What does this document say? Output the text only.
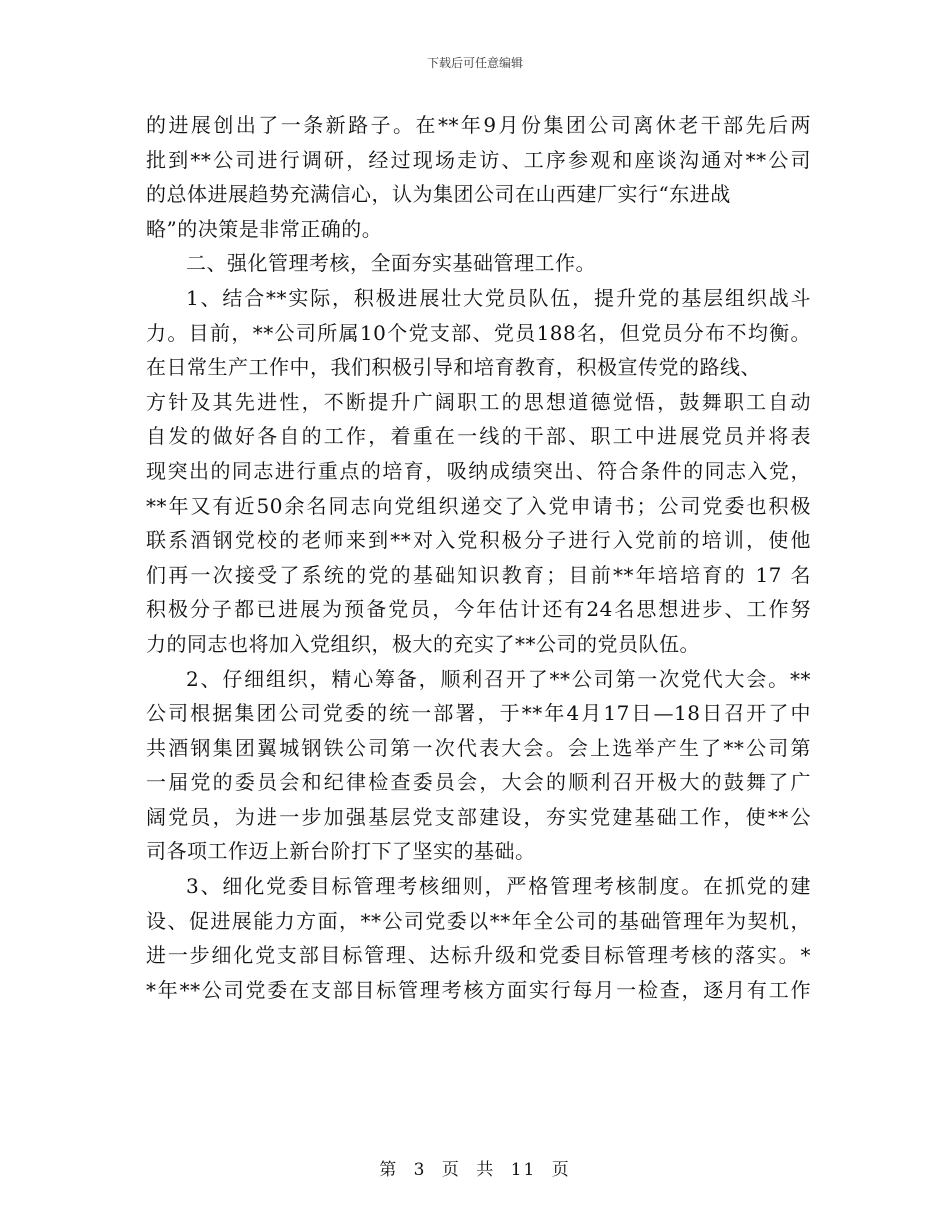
下载后可任意编辑
的进展创出了一条新路子。在**年9月份集团公司离休老干部先后两
批到**公司进行调研，经过现场走访、工序参观和座谈沟通对**公司
的总体进展趋势充满信心，认为集团公司在山西建厂实行“东进战
略”的决策是非常正确的。
二、强化管理考核，全面夯实基础管理工作。
1、结合**实际，积极进展壮大党员队伍，提升党的基层组织战斗
力。目前，**公司所属10个党支部、党员188名，但党员分布不均衡。
在日常生产工作中，我们积极引导和培育教育，积极宣传党的路线、
方针及其先进性，不断提升广阔职工的思想道德觉悟，鼓舞职工自动
自发的做好各自的工作，着重在一线的干部、职工中进展党员并将表
现突出的同志进行重点的培育，吸纳成绩突出、符合条件的同志入党，
**年又有近50余名同志向党组织递交了入党申请书；公司党委也积极
联系酒钢党校的老师来到**对入党积极分子进行入党前的培训，使他
们再一次接受了系统的党的基础知识教育；目前**年培培育的 17 名
积极分子都已进展为预备党员，今年估计还有24名思想进步、工作努
力的同志也将加入党组织，极大的充实了**公司的党员队伍。
2、仔细组织，精心筹备，顺利召开了**公司第一次党代大会。**
公司根据集团公司党委的统一部署，于**年4月17日—18日召开了中
共酒钢集团翼城钢铁公司第一次代表大会。会上选举产生了**公司第
一届党的委员会和纪律检查委员会，大会的顺利召开极大的鼓舞了广
阔党员，为进一步加强基层党支部建设，夯实党建基础工作，使**公
司各项工作迈上新台阶打下了坚实的基础。
3、细化党委目标管理考核细则，严格管理考核制度。在抓党的建
设、促进展能力方面，**公司党委以**年全公司的基础管理年为契机，
进一步细化党支部目标管理、达标升级和党委目标管理考核的落实。*
*年**公司党委在支部目标管理考核方面实行每月一检查，逐月有工作
第 3 页 共 11 页
